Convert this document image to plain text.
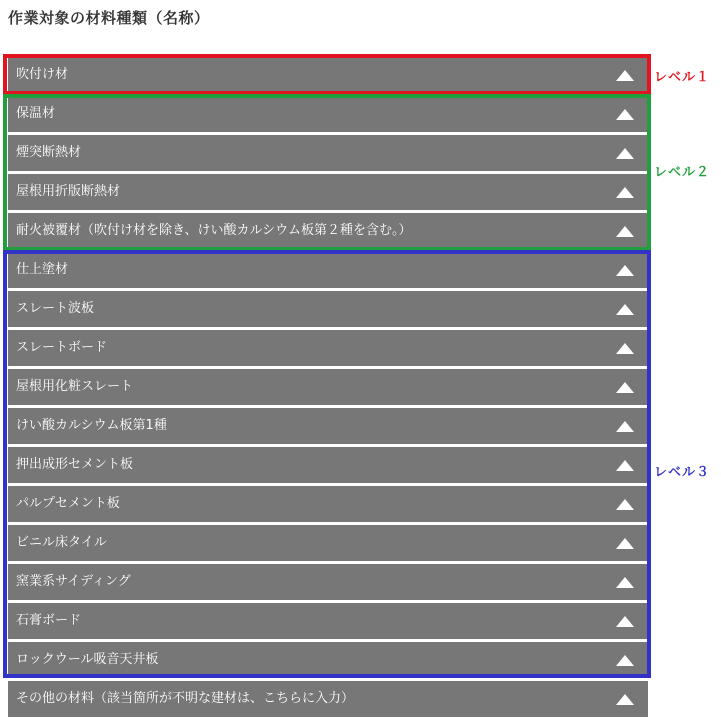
作業対象の材料種類（名称）
吹付け材
保温材
煙突断熱材
屋根用折版断熱材
耐火被覆材（吹付け材を除き、けい酸カルシウム板第２種を含む。）
仕上塗材
スレート波板
スレートボード
屋根用化粧スレート
けい酸カルシウム板第1種
押出成形セメント板
パルプセメント板
ビニル床タイル
窯業系サイディング
石膏ボード
ロックウール吸音天井板
その他の材料（該当箇所が不明な建材は、こちらに入力）
レベル１
レベル２
レベル３
